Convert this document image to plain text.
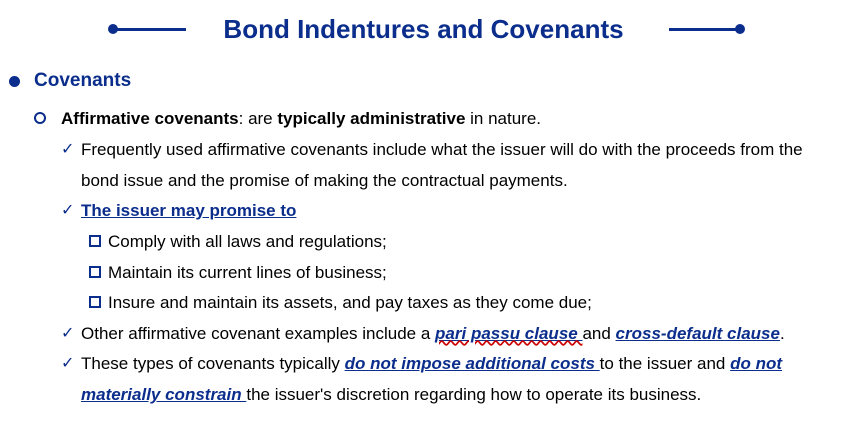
Bond Indentures and Covenants
Covenants
Affirmative covenants: are typically administrative in nature.
✓ Frequently used affirmative covenants include what the issuer will do with the proceeds from the
bond issue and the promise of making the contractual payments.
✓ The issuer may promise to
Comply with all laws and regulations;
Maintain its current lines of business;
Insure and maintain its assets, and pay taxes as they come due;
✓ Other affirmative covenant examples include a pari passu clause and cross-default clause.
✓ These types of covenants typically do not impose additional costs to the issuer and do not
materially constrain the issuer's discretion regarding how to operate its business.
